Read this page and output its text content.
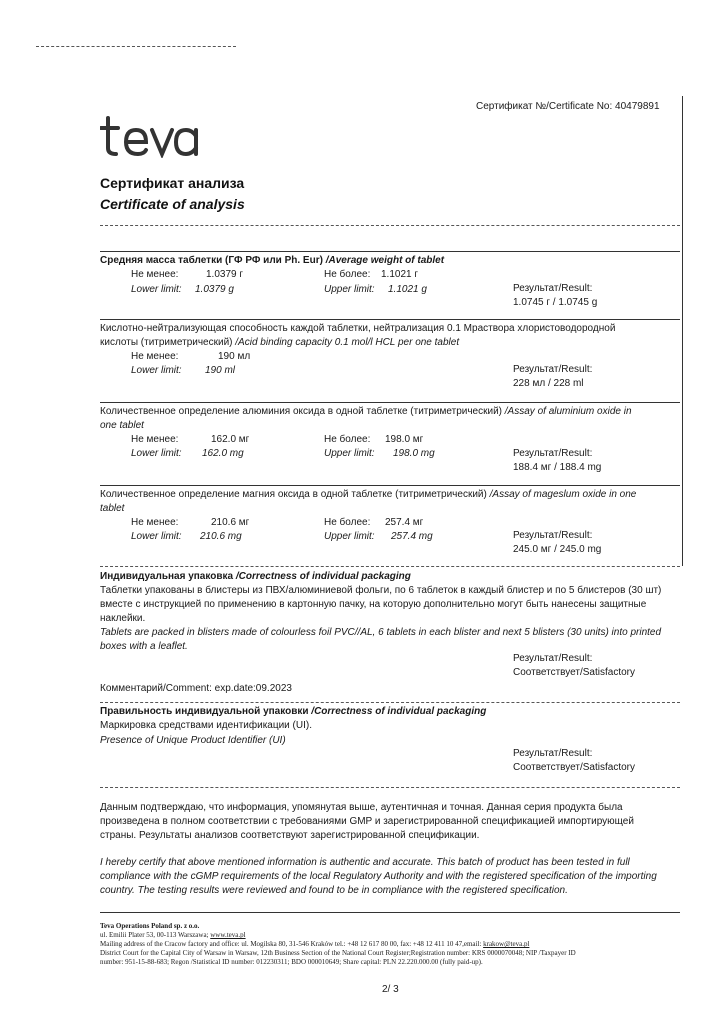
Сертификат №/Certificate No: 40479891
Сертификат анализа
Certificate of analysis
Средняя масса таблетки (ГФ РФ или Ph. Eur) /Average weight of tablet
Не менее:	1.0379 г	Не более: 1.1021 г
Lower limit: 1.0379 g	Upper limit: 1.1021 g	Результат/Result:
1.0745 г / 1.0745 g
Кислотно-нейтрализующая способность каждой таблетки, нейтрализация 0.1 Мраствора хлористоводородной
кислоты (титриметрический) /Acid binding capacity 0.1 mol/l HCL per one tablet
Не менее:	190 мл
Lower limit: 190 ml	Результат/Result:
228 мл / 228 ml
Количественное определение алюминия оксида в одной таблетке (титриметрический) /Assay of aluminium oxide in
one tablet
Не менее:	162.0 мг	Не более: 198.0 мг
Lower limit: 162.0 mg	Upper limit: 198.0 mg	Результат/Result:
188.4 мг / 188.4 mg
Количественное определение магния оксида в одной таблетке (титриметрический) /Assay of mageslum oxide in one
tablet
Не менее:	210.6 мг	Не более: 257.4 мг
Lower limit: 210.6 mg	Upper limit: 257.4 mg	Результат/Result:
245.0 мг / 245.0 mg
Индивидуальная упаковка /Correctness of individual packaging
Таблетки упакованы в блистеры из ПВХ/алюминиевой фольги, по 6 таблеток в каждый блистер и по 5 блистеров (30 шт)
вместе с инструкцией по применению в картонную пачку, на которую дополнительно могут быть нанесены защитные
наклейки.
Tablets are packed in blisters made of colourless foil PVC//AL, 6 tablets in each blister and next 5 blisters (30 units) into printed
boxes with a leaflet.
Результат/Result:
Соответствует/Satisfactory
Комментарий/Comment: exp.date:09.2023
Правильность индивидуальной упаковки /Correctness of individual packaging
Маркировка средствами идентификации (UI).
Presence of Unique Product Identifier (UI)
Результат/Result:
Соответствует/Satisfactory
Данным подтверждаю, что информация, упомянутая выше, аутентичная и точная. Данная серия продукта была
произведена в полном соответствии с требованиями GMP и зарегистрированной спецификацией импортирующей
страны. Результаты анализов соответствуют зарегистрированной спецификации.
I hereby certify that above mentioned information is authentic and accurate. This batch of product has been tested in full
compliance with the cGMP requirements of the local Regulatory Authority and with the registered specification of the importing
country. The testing results were reviewed and found to be in compliance with the registered specification.
Teva Operations Poland sp. z o.o.
ul. Emilii Plater 53, 00-113 Warszawa; www.teva.pl
Mailing address of the Cracow factory and office: ul. Mogilska 80, 31-546 Kraków tel.: +48 12 617 80 00, fax: +48 12 411 10 47,email: krakow@teva.pl
District Court for the Capital City of Warsaw in Warsaw, 12th Business Section of the National Court Register;Registration number: KRS 0000070048; NIP /Taxpayer ID
number: 951-15-88-683; Regon /Statistical ID number: 012230311; BDO 000010649; Share capital: PLN 22.220.000.00 (fully paid-up).
2/ 3
